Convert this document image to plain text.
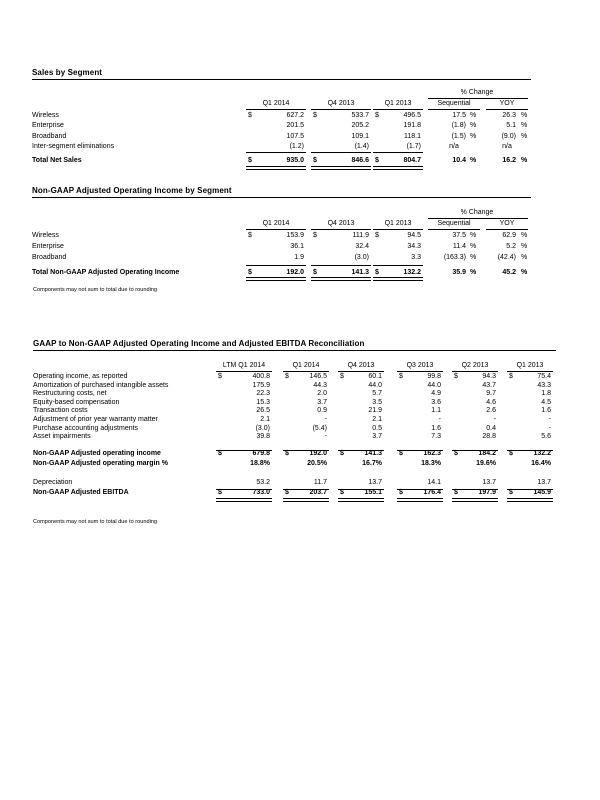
Sales by Segment
% Change
Q1 2014	Q4 2013	Q1 2013	Sequential	YOY
Wireless	$	627.2 $	533.7 $	496.5	17.5 %	26.3 %
Enterprise	201.5	205.2	191.8	(1.8) %	5.1 %
Broadband	107.5	109.1	118.1	(1.5) %	(9.0) %
Inter-segment eliminations	(1.2)	(1.4)	(1.7)	n/a	n/a
Total Net Sales	$	935.0 $	846.6 $	804.7	10.4 %	16.2 %
Non-GAAP Adjusted Operating Income by Segment
% Change
Q1 2014	Q4 2013	Q1 2013	Sequential	YOY
Wireless	$	153.9 $	111.9 $	94.5	37.5 %	62.9 %
Enterprise	36.1	32.4	34.3	11.4 %	5.2 %
Broadband	1.9	(3.0)	3.3	(163.3) %	(42.4) %
Total Non-GAAP Adjusted Operating Income	$	192.0 $	141.3 $	132.2	35.9 %	45.2 %
Components may not sum to total due to rounding
GAAP to Non-GAAP Adjusted Operating Income and Adjusted EBITDA Reconciliation
LTM Q1 2014	Q1 2014	Q4 2013	Q3 2013	Q2 2013	Q1 2013
Operating income, as reported	$	400.8 $	146.5 $	60.1 $	99.8 $	94.3 $	75.4
Amortization of purchased intangible assets	175.9	44.3	44.0	44.0	43.7	43.3
Restructuring costs, net	22.3	2.0	5.7	4.9	9.7	1.8
Equity-based compensation	15.3	3.7	3.5	3.6	4.6	4.5
Transaction costs	26.5	0.9	21.9	1.1	2.6	1.6
Adjustment of prior year warranty matter	2.1	-	2.1	-	-	-
Purchase accounting adjustments	(3.0)	(5.4)	0.5	1.6	0.4	-
Asset impairments	39.8	-	3.7	7.3	28.8	5.6
Non-GAAP Adjusted operating income	$	679.8 $	192.0 $	141.3 $	162.3 $	184.2 $	132.2
Non-GAAP Adjusted operating margin %	18.8%	20.5%	16.7%	18.3%	19.6%	16.4%
Depreciation	53.2	11.7	13.7	14.1	13.7	13.7
Non-GAAP Adjusted EBITDA	$	733.0 $	203.7 $	155.1 $	176.4 $	197.9 $	145.9
Components may not sum to total due to rounding
